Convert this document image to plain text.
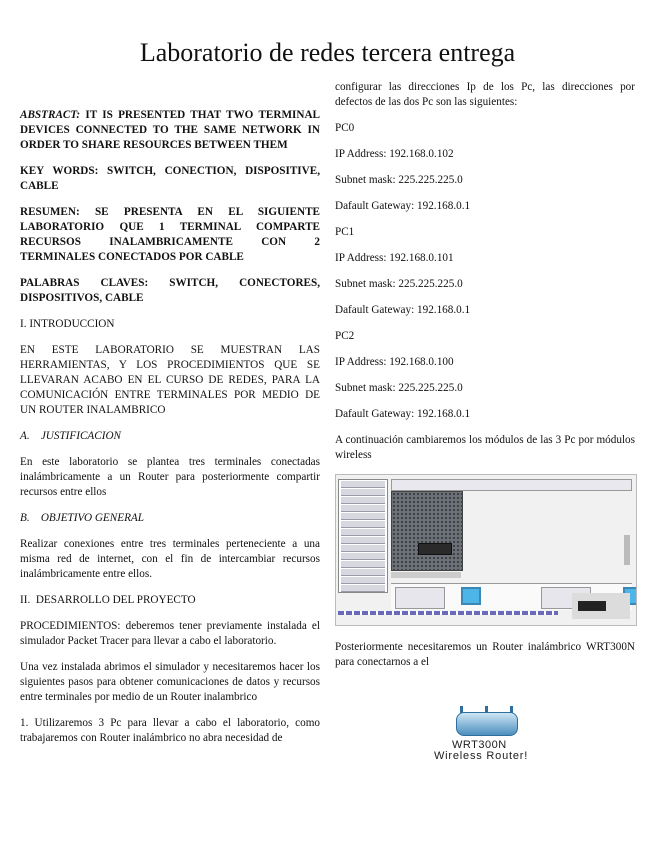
Laboratorio de redes tercera entrega

ABSTRACT: IT IS PRESENTED THAT TWO TERMINAL DEVICES CONNECTED TO THE SAME NETWORK IN ORDER TO SHARE RESOURCES BETWEEN THEM

KEY WORDS: SWITCH, CONECTION, DISPOSITIVE, CABLE

RESUMEN: SE PRESENTA EN EL SIGUIENTE LABORATORIO QUE 1 TERMINAL COMPARTE RECURSOS INALAMBRICAMENTE CON 2 TERMINALES CONECTADOS POR CABLE

PALABRAS CLAVES: SWITCH, CONECTORES, DISPOSITIVOS, CABLE

I. INTRODUCCION

EN ESTE LABORATORIO SE MUESTRAN LAS HERRAMIENTAS, Y LOS PROCEDIMIENTOS QUE SE LLEVARAN ACABO EN EL CURSO DE REDES, PARA LA COMUNICACIÓN ENTRE TERMINALES POR MEDIO DE UN ROUTER INALAMBRICO

A.    JUSTIFICACION

En este laboratorio se plantea tres terminales conectadas inalámbricamente a un Router para posteriormente compartir recursos entre ellos

B.    OBJETIVO GENERAL

Realizar conexiones entre tres terminales perteneciente a una misma red de internet, con el fin de intercambiar recursos inalámbricamente entre ellos.

II.  DESARROLLO DEL PROYECTO

PROCEDIMIENTOS: deberemos tener previamente instalada el simulador Packet Tracer para llevar a cabo el laboratorio.

Una vez instalada abrimos el simulador y necesitaremos hacer los siguientes pasos para obtener comunicaciones de datos y recursos entre terminales por medio de un Router inalambrico

1. Utilizaremos 3 Pc para llevar a cabo el laboratorio, como trabajaremos con Router inalámbrico no abra necesidad de

configurar las direcciones Ip de los Pc, las direcciones por defectos de las dos Pc son las siguientes:

PC0

IP Address: 192.168.0.102

Subnet mask: 225.225.225.0

Dafault Gateway: 192.168.0.1

PC1

IP Address: 192.168.0.101

Subnet mask: 225.225.225.0

Dafault Gateway: 192.168.0.1

PC2

IP Address: 192.168.0.100

Subnet mask: 225.225.225.0

Dafault Gateway: 192.168.0.1

A continuación cambiaremos los módulos de las 3 Pc por módulos wireless

Posteriormente necesitaremos un Router inalámbrico WRT300N para conectarnos a el

WRT300N
Wireless Router!
